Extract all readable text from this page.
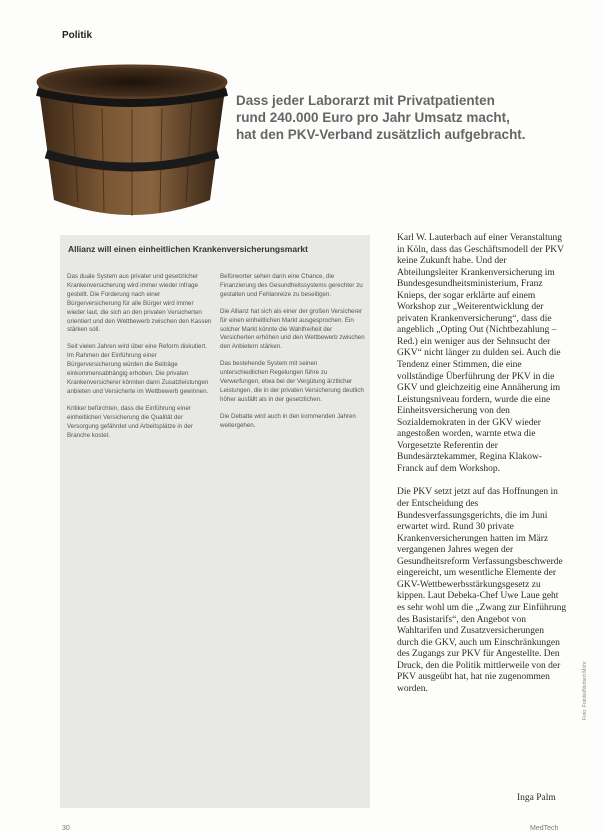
Politik
Dass jeder Laborarzt mit Privatpatienten
rund 240.000 Euro pro Jahr Umsatz macht,
hat den PKV-Verband zusätzlich aufgebracht.
Allianz will einen einheitlichen Krankenversicherungsmarkt

Das duale System aus privater und gesetzlicher Krankenversicherung wird immer wieder infrage gestellt. Die Forderung nach einer Bürgerversicherung für alle Bürger wird immer wieder laut, die sich an den privaten Versicherten orientiert und den Wettbewerb zwischen den Kassen stärken soll.

Seit vielen Jahren wird über eine Reform diskutiert. Im Rahmen der Einführung einer Bürgerversicherung würden die Beiträge einkommensabhängig erhoben. Die privaten Krankenversicherer könnten dann Zusatzleistungen anbieten und Versicherte im Wettbewerb gewinnen.

Kritiker befürchten, dass die Einführung einer einheitlichen Versicherung die Qualität der Versorgung gefährdet und Arbeitsplätze in der Branche kostet.

Befürworter sehen darin eine Chance, die Finanzierung des Gesundheitssystems gerechter zu gestalten und Fehlanreize zu beseitigen.

Die Allianz hat sich als einer der großen Versicherer für einen einheitlichen Markt ausgesprochen. Ein solcher Markt könnte die Wahlfreiheit der Versicherten erhöhen und den Wettbewerb zwischen den Anbietern stärken.

Das bestehende System mit seinen unterschiedlichen Regelungen führe zu Verwerfungen, etwa bei der Vergütung ärztlicher Leistungen, die in der privaten Versicherung deutlich höher ausfällt als in der gesetzlichen.

Die Debatte wird auch in den kommenden Jahren weitergehen.

Karl W. Lauterbach auf einer Veranstaltung in Köln, dass das Geschäftsmodell der PKV keine Zukunft habe. Und der Abteilungsleiter Krankenversicherung im Bundesgesundheitsministerium, Franz Knieps, der sogar erklärte auf einem Workshop zur „Weiterentwicklung der privaten Krankenversicherung“, dass die angeblich „Opting Out (Nichtbezahlung – Red.) ein weniger aus der Sehnsucht der GKV“ nicht länger zu dulden sei. Auch die Tendenz einer Stimmen, die eine vollständige Überführung der PKV in die GKV und gleichzeitig eine Annäherung im Leistungsniveau fordern, wurde die eine Einheitsversicherung von den Sozialdemokraten in der GKV wieder angestoßen worden, warnte etwa die Vorgesetzte Referentin der Bundesärztekammer, Regina Klakow-Franck auf dem Workshop.

Die PKV setzt jetzt auf das Hoffnungen in der Entscheidung des Bundesverfassungsgerichts, die im Juni erwartet wird. Rund 30 private Krankenversicherungen hatten im März vergangenen Jahres wegen der Gesundheitsreform Verfassungsbeschwerde eingereicht, um wesentliche Elemente der GKV-Wettbewerbsstärkungsgesetz zu kippen. Laut Debeka-Chef Uwe Laue geht es sehr wohl um die „Zwang zur Einführung des Basistarifs“, den Angebot von Wahltarifen und Zusatzversicherungen durch die GKV, auch um Einschränkungen des Zugangs zur PKV für Angestellte. Den Druck, den die Politik mittlerweile von der PKV ausgeübt hat, hat nie zugenommen worden.

Inga Palm
Foto: Fotolia/Norbert Mohr
30	MedTech
